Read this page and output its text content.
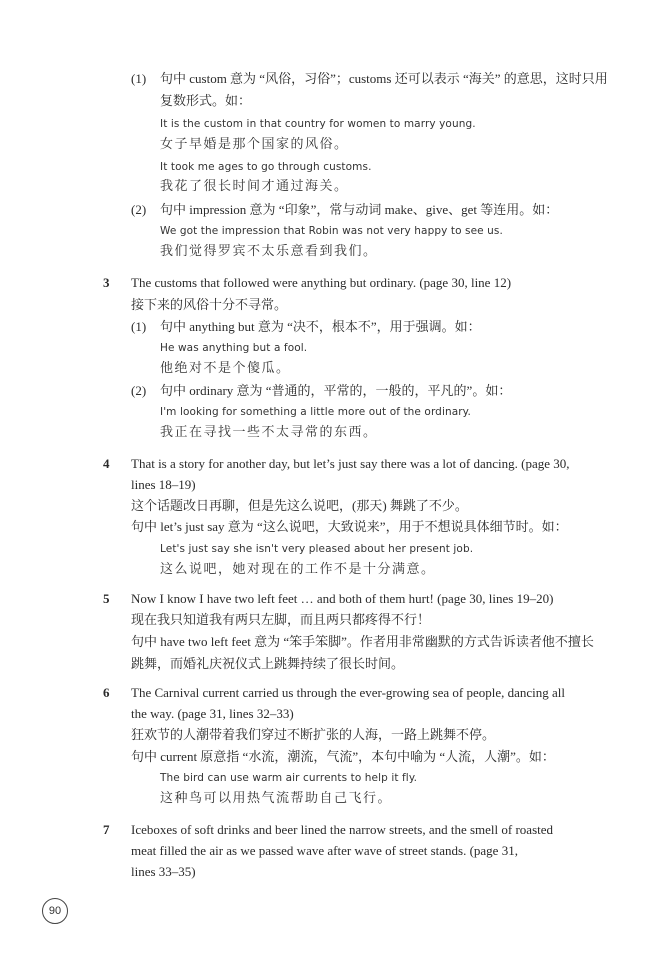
(1) 句中 custom 意为 “风俗，习俗”；customs 还可以表示 “海关” 的意思，这时只用
复数形式。如：
It is the custom in that country for women to marry young.
女子早婚是那个国家的风俗。
It took me ages to go through customs.
我花了很长时间才通过海关。
(2) 句中 impression 意为 “印象”，常与动词 make、give、get 等连用。如：
We got the impression that Robin was not very happy to see us.
我们觉得罗宾不太乐意看到我们。
3 The customs that followed were anything but ordinary. (page 30, line 12)
接下来的风俗十分不寻常。
(1) 句中 anything but 意为 “决不，根本不”，用于强调。如：
He was anything but a fool.
他绝对不是个傻瓜。
(2) 句中 ordinary 意为 “普通的，平常的，一般的，平凡的”。如：
I'm looking for something a little more out of the ordinary.
我正在寻找一些不太寻常的东西。
4 That is a story for another day, but let’s just say there was a lot of dancing. (page 30,
lines 18–19)
这个话题改日再聊，但是先这么说吧，(那天) 舞跳了不少。
句中 let’s just say 意为 “这么说吧，大致说来”，用于不想说具体细节时。如：
Let's just say she isn't very pleased about her present job.
这么说吧，她对现在的工作不是十分满意。
5 Now I know I have two left feet … and both of them hurt! (page 30, lines 19–20)
现在我只知道我有两只左脚，而且两只都疼得不行！
句中 have two left feet 意为 “笨手笨脚”。作者用非常幽默的方式告诉读者他不擅长
跳舞，而婚礼庆祝仪式上跳舞持续了很长时间。
6 The Carnival current carried us through the ever-growing sea of people, dancing all
the way. (page 31, lines 32–33)
狂欢节的人潮带着我们穿过不断扩张的人海，一路上跳舞不停。
句中 current 原意指 “水流，潮流，气流”，本句中喻为 “人流，人潮”。如：
The bird can use warm air currents to help it fly.
这种鸟可以用热气流帮助自己飞行。
7 Iceboxes of soft drinks and beer lined the narrow streets, and the smell of roasted
meat filled the air as we passed wave after wave of street stands. (page 31,
lines 33–35)
90
